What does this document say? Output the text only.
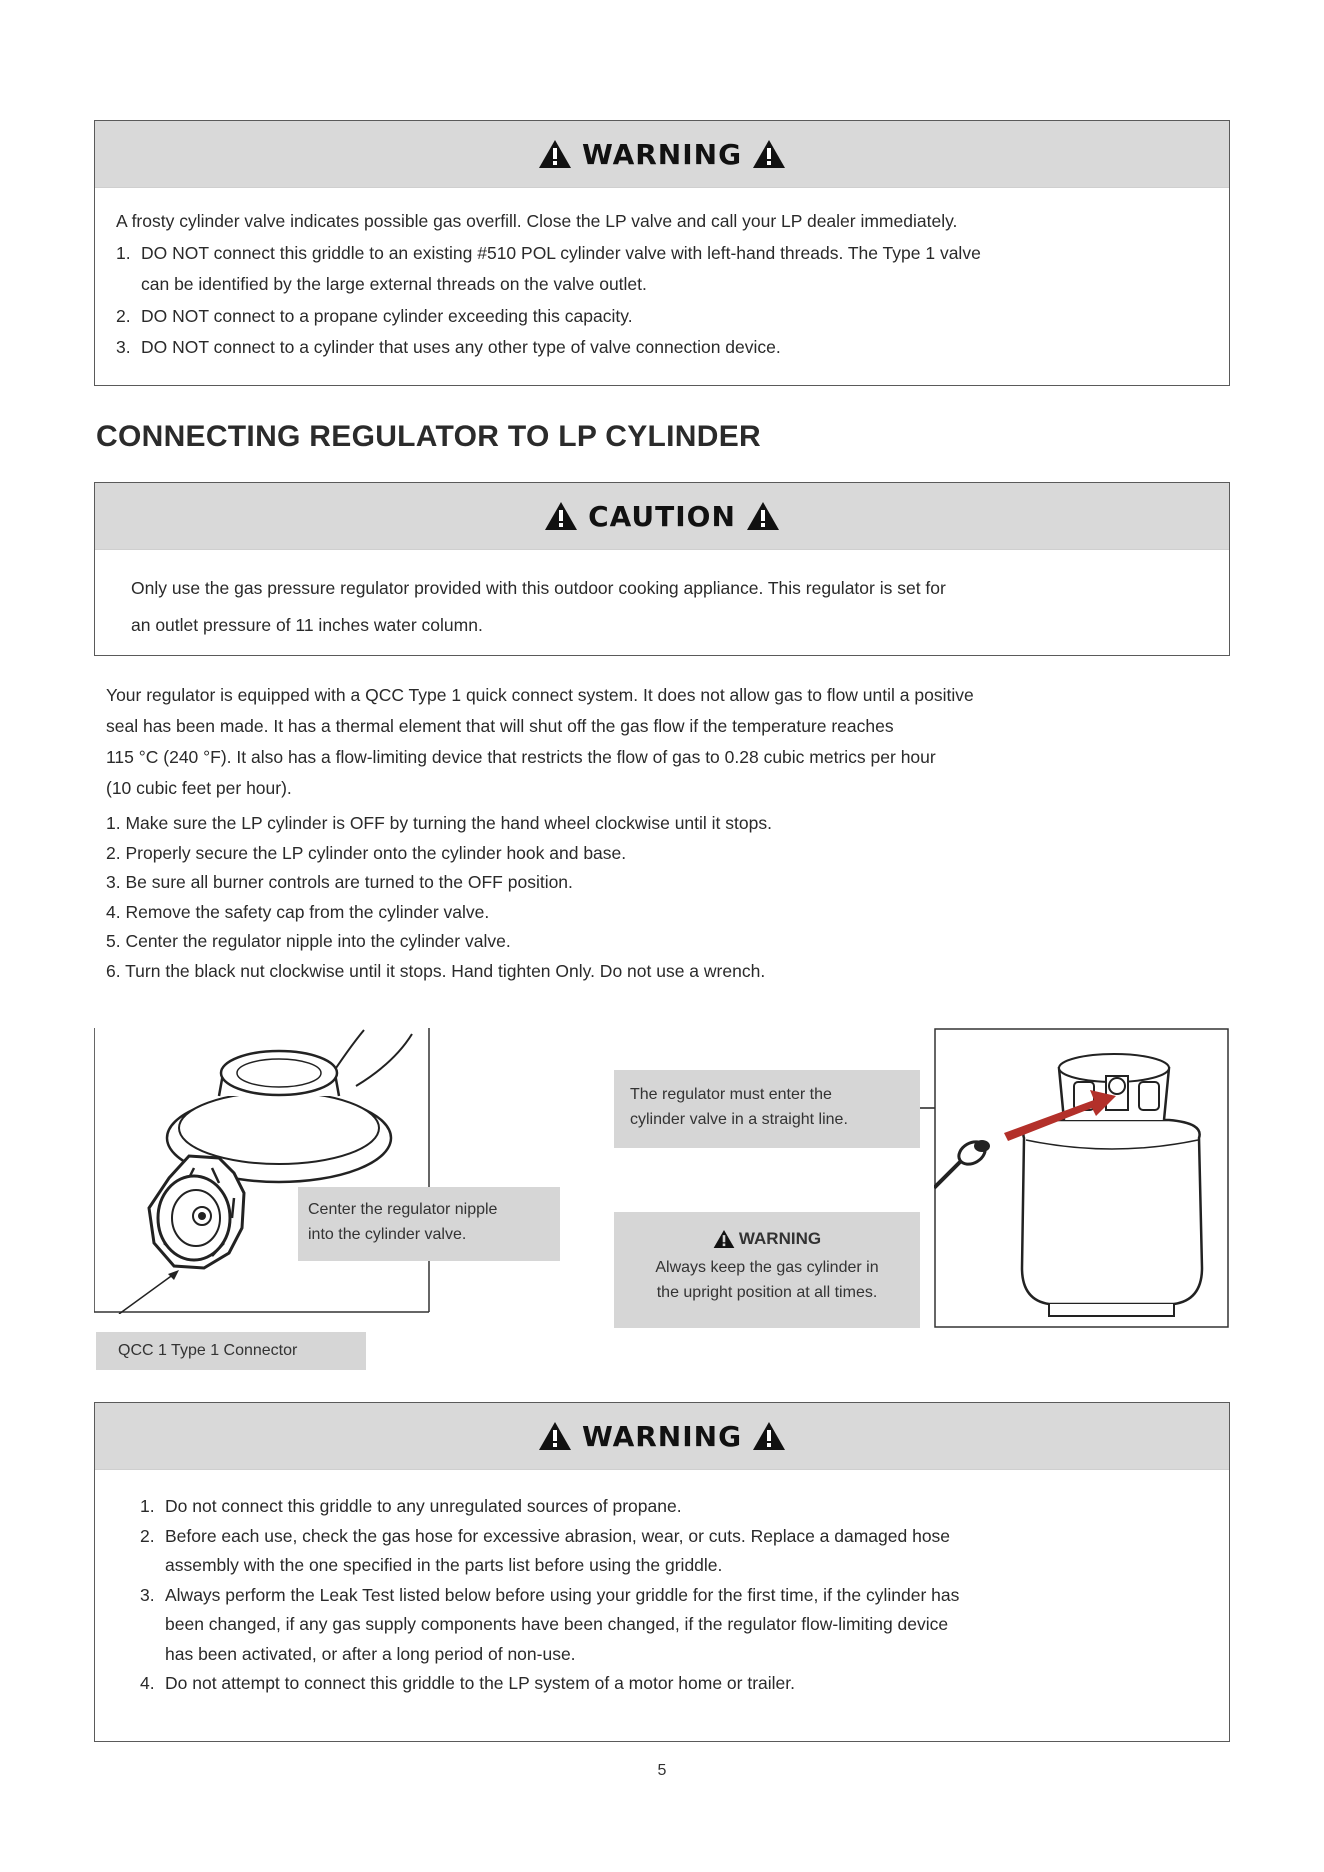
WARNING

A frosty cylinder valve indicates possible gas overfill. Close the LP valve and call your LP dealer immediately.

1. DO NOT connect this griddle to an existing #510 POL cylinder valve with left-hand threads. The Type 1 valve
can be identified by the large external threads on the valve outlet.
2. DO NOT connect to a propane cylinder exceeding this capacity.
3. DO NOT connect to a cylinder that uses any other type of valve connection device.
CONNECTING REGULATOR TO LP CYLINDER
CAUTION

Only use the gas pressure regulator provided with this outdoor cooking appliance. This regulator is set for

an outlet pressure of 11 inches water column.

Your regulator is equipped with a QCC Type 1 quick connect system. It does not allow gas to flow until a positive

seal has been made. It has a thermal element that will shut off the gas flow if the temperature reaches

115 °C (240 °F). It also has a flow-limiting device that restricts the flow of gas to 0.28 cubic metrics per hour

(10 cubic feet per hour).

1. Make sure the LP cylinder is OFF by turning the hand wheel clockwise until it stops.

2. Properly secure the LP cylinder onto the cylinder hook and base.

3. Be sure all burner controls are turned to the OFF position.

4. Remove the safety cap from the cylinder valve.

5. Center the regulator nipple into the cylinder valve.

6. Turn the black nut clockwise until it stops. Hand tighten Only. Do not use a wrench.

Center the regulator nipple
into the cylinder valve.
QCC 1 Type 1 Connector
The regulator must enter the
cylinder valve in a straight line.
WARNING
Always keep the gas cylinder in
the upright position at all times.
WARNING
1. Do not connect this griddle to any unregulated sources of propane.
2. Before each use, check the gas hose for excessive abrasion, wear, or cuts. Replace a damaged hose
assembly with the one specified in the parts list before using the griddle.
3. Always perform the Leak Test listed below before using your griddle for the first time, if the cylinder has
been changed, if any gas supply components have been changed, if the regulator flow-limiting device
has been activated, or after a long period of non-use.
4. Do not attempt to connect this griddle to the LP system of a motor home or trailer.
5
